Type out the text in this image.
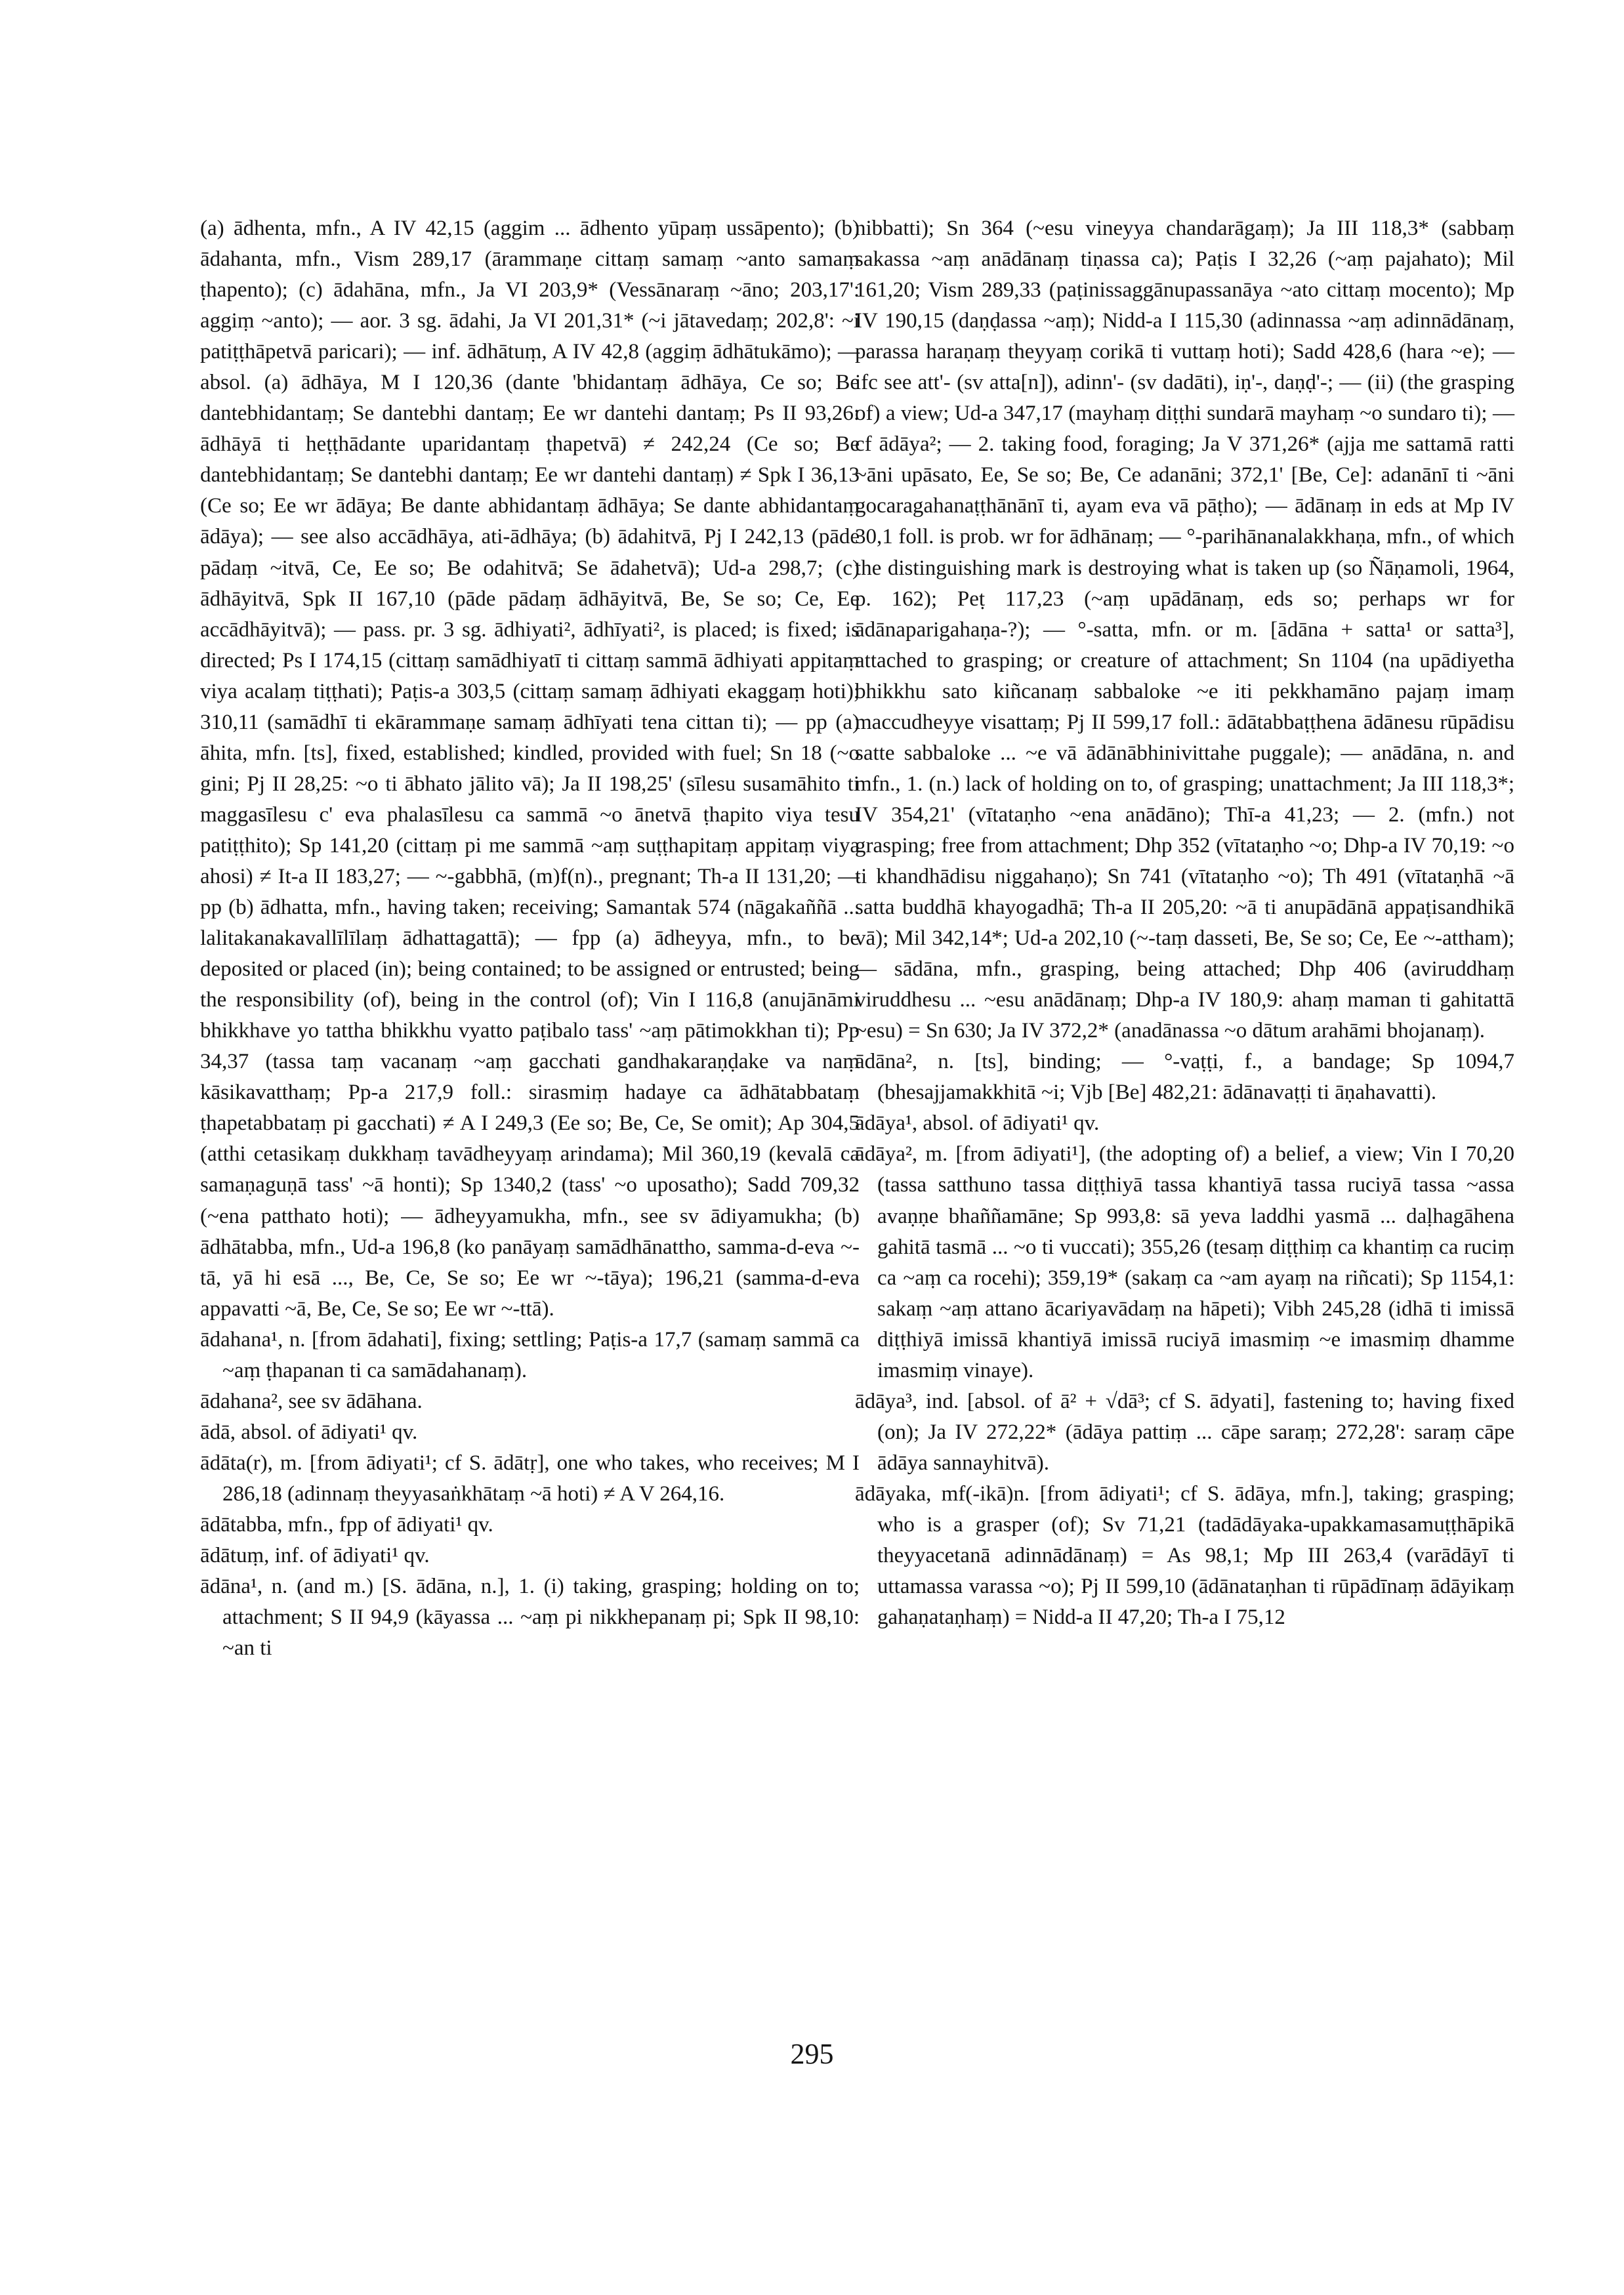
(a) ādhenta, mfn., A IV 42,15 (aggim ... ādhento yūpaṃ ussāpento); (b) ādahanta, mfn., Vism 289,17 (ārammaṇe cittaṃ samaṃ ~anto samaṃ ṭhapento); (c) ādahāna, mfn., Ja VI 203,9* (Vessānaraṃ ~āno; 203,17': aggiṃ ~anto); — aor. 3 sg. ādahi, Ja VI 201,31* (~i jātavedaṃ; 202,8': ~i patiṭṭhāpetvā paricari); — inf. ādhātuṃ, A IV 42,8 (aggiṃ ādhātukāmo); — absol. (a) ādhāya, M I 120,36 (dante 'bhidantaṃ ādhāya, Ce so; Be dantebhidantaṃ; Se dantebhi dantaṃ; Ee wr dantehi dantaṃ; Ps II 93,26: ādhāyā ti heṭṭhādante uparidantaṃ ṭhapetvā) ≠ 242,24 (Ce so; Be dantebhidantaṃ; Se dantebhi dantaṃ; Ee wr dantehi dantaṃ) ≠ Spk I 36,13 (Ce so; Ee wr ādāya; Be dante abhidantaṃ ādhāya; Se dante abhidantaṃ ādāya); — see also accādhāya, ati-ādhāya; (b) ādahitvā, Pj I 242,13 (pāde pādaṃ ~itvā, Ce, Ee so; Be odahitvā; Se ādahetvā); Ud-a 298,7; (c) ādhāyitvā, Spk II 167,10 (pāde pādaṃ ādhāyitvā, Be, Se so; Ce, Ee accādhāyitvā); — pass. pr. 3 sg. ādhiyati², ādhīyati², is placed; is fixed; is directed; Ps I 174,15 (cittaṃ samādhiyatī ti cittaṃ sammā ādhiyati appitaṃ viya acalaṃ tiṭṭhati); Paṭis-a 303,5 (cittaṃ samaṃ ādhiyati ekaggaṃ hoti); 310,11 (samādhī ti ekārammaṇe samaṃ ādhīyati tena cittan ti); — pp (a) āhita, mfn. [ts], fixed, established; kindled, provided with fuel; Sn 18 (~o gini; Pj II 28,25: ~o ti ābhato jālito vā); Ja II 198,25' (sīlesu susamāhito ti maggasīlesu c' eva phalasīlesu ca sammā ~o ānetvā ṭhapito viya tesu patiṭṭhito); Sp 141,20 (cittaṃ pi me sammā ~aṃ suṭṭhapitaṃ appitaṃ viya ahosi) ≠ It-a II 183,27; — ~-gabbhā, (m)f(n)., pregnant; Th-a II 131,20; — pp (b) ādhatta, mfn., having taken; receiving; Samantak 574 (nāgakaññā ... lalitakanakavallīlīlaṃ ādhattagattā); — fpp (a) ādheyya, mfn., to be deposited or placed (in); being contained; to be assigned or entrusted; being the responsibility (of), being in the control (of); Vin I 116,8 (anujānāmi bhikkhave yo tattha bhikkhu vyatto paṭibalo tass' ~aṃ pātimokkhan ti); Pp 34,37 (tassa taṃ vacanaṃ ~aṃ gacchati gandhakaraṇḍake va naṃ kāsikavatthaṃ; Pp-a 217,9 foll.: sirasmiṃ hadaye ca ādhātabbataṃ ṭhapetabbataṃ pi gacchati) ≠ A I 249,3 (Ee so; Be, Ce, Se omit); Ap 304,5 (atthi cetasikaṃ dukkhaṃ tavādheyyaṃ arindama); Mil 360,19 (kevalā ca samaṇaguṇā tass' ~ā honti); Sp 1340,2 (tass' ~o uposatho); Sadd 709,32 (~ena patthato hoti); — ādheyyamukha, mfn., see sv ādiyamukha; (b) ādhātabba, mfn., Ud-a 196,8 (ko panāyaṃ samādhānattho, samma-d-eva ~-tā, yā hi esā ..., Be, Ce, Se so; Ee wr ~-tāya); 196,21 (samma-d-eva appavatti ~ā, Be, Ce, Se so; Ee wr ~-ttā).

ādahana¹, n. [from ādahati], fixing; settling; Paṭis-a 17,7 (samaṃ sammā ca ~aṃ ṭhapanan ti ca samādahanaṃ).

ādahana², see sv ādāhana.

ādā, absol. of ādiyati¹ qv.

ādāta(r), m. [from ādiyati¹; cf S. ādātṛ], one who takes, who receives; M I 286,18 (adinnaṃ theyyasaṅkhātaṃ ~ā hoti) ≠ A V 264,16.

ādātabba, mfn., fpp of ādiyati¹ qv.

ādātuṃ, inf. of ādiyati¹ qv.

ādāna¹, n. (and m.) [S. ādāna, n.], 1. (i) taking, grasping; holding on to; attachment; S II 94,9 (kāyassa ... ~aṃ pi nikkhepanaṃ pi; Spk II 98,10: ~an ti

nibbatti); Sn 364 (~esu vineyya chandarāgaṃ); Ja III 118,3* (sabbaṃ sakassa ~aṃ anādānaṃ tiṇassa ca); Paṭis I 32,26 (~aṃ pajahato); Mil 161,20; Vism 289,33 (paṭinissaggānupassanāya ~ato cittaṃ mocento); Mp IV 190,15 (daṇḍassa ~aṃ); Nidd-a I 115,30 (adinnassa ~aṃ adinnādānaṃ, parassa haraṇaṃ theyyaṃ corikā ti vuttaṃ hoti); Sadd 428,6 (hara ~e); — ifc see att'- (sv atta[n]), adinn'- (sv dadāti), iṇ'-, daṇḍ'-; — (ii) (the grasping of) a view; Ud-a 347,17 (mayhaṃ diṭṭhi sundarā mayhaṃ ~o sundaro ti); — cf ādāya²; — 2. taking food, foraging; Ja V 371,26* (ajja me sattamā ratti ~āni upāsato, Ee, Se so; Be, Ce adanāni; 372,1' [Be, Ce]: adanānī ti ~āni gocaragahanaṭṭhānānī ti, ayam eva vā pāṭho); — ādānaṃ in eds at Mp IV 30,1 foll. is prob. wr for ādhānaṃ; — °-parihānanalakkhaṇa, mfn., of which the distinguishing mark is destroying what is taken up (so Ñāṇamoli, 1964, p. 162); Peṭ 117,23 (~aṃ upādānaṃ, eds so; perhaps wr for ādānaparigahaṇa-?); — °-satta, mfn. or m. [ādāna + satta¹ or satta³], attached to grasping; or creature of attachment; Sn 1104 (na upādiyetha bhikkhu sato kiñcanaṃ sabbaloke ~e iti pekkhamāno pajaṃ imaṃ maccudheyye visattaṃ; Pj II 599,17 foll.: ādātabbaṭṭhena ādānesu rūpādisu satte sabbaloke ... ~e vā ādānābhinivittahe puggale); — anādāna, n. and mfn., 1. (n.) lack of holding on to, of grasping; unattachment; Ja III 118,3*; IV 354,21' (vītataṇho ~ena anādāno); Thī-a 41,23; — 2. (mfn.) not grasping; free from attachment; Dhp 352 (vītataṇho ~o; Dhp-a IV 70,19: ~o ti khandhādisu niggahaṇo); Sn 741 (vītataṇho ~o); Th 491 (vītataṇhā ~ā satta buddhā khayogadhā; Th-a II 205,20: ~ā ti anupādānā appaṭisandhikā vā); Mil 342,14*; Ud-a 202,10 (~-taṃ dasseti, Be, Se so; Ce, Ee ~-attham); — sādāna, mfn., grasping, being attached; Dhp 406 (aviruddhaṃ viruddhesu ... ~esu anādānaṃ; Dhp-a IV 180,9: ahaṃ maman ti gahitattā ~esu) = Sn 630; Ja IV 372,2* (anadānassa ~o dātum arahāmi bhojanaṃ).

ādāna², n. [ts], binding; — °-vaṭṭi, f., a bandage; Sp 1094,7 (bhesajjamakkhitā ~i; Vjb [Be] 482,21: ādānavaṭṭi ti āṇahavatti).

ādāya¹, absol. of ādiyati¹ qv.

ādāya², m. [from ādiyati¹], (the adopting of) a belief, a view; Vin I 70,20 (tassa satthuno tassa diṭṭhiyā tassa khantiyā tassa ruciyā tassa ~assa avaṇṇe bhaññamāne; Sp 993,8: sā yeva laddhi yasmā ... daḷhagāhena gahitā tasmā ... ~o ti vuccati); 355,26 (tesaṃ diṭṭhiṃ ca khantiṃ ca ruciṃ ca ~aṃ ca rocehi); 359,19* (sakaṃ ca ~am ayaṃ na riñcati); Sp 1154,1: sakaṃ ~aṃ attano ācariyavādaṃ na hāpeti); Vibh 245,28 (idhā ti imissā diṭṭhiyā imissā khantiyā imissā ruciyā imasmiṃ ~e imasmiṃ dhamme imasmiṃ vinaye).

ādāya³, ind. [absol. of ā² + √dā³; cf S. ādyati], fastening to; having fixed (on); Ja IV 272,22* (ādāya pattiṃ ... cāpe saraṃ; 272,28': saraṃ cāpe ādāya sannayhitvā).

ādāyaka, mf(-ikā)n. [from ādiyati¹; cf S. ādāya, mfn.], taking; grasping; who is a grasper (of); Sv 71,21 (tadādāyaka-upakkamasamuṭṭhāpikā theyyacetanā adinnādānaṃ) = As 98,1; Mp III 263,4 (varādāyī ti uttamassa varassa ~o); Pj II 599,10 (ādānataṇhan ti rūpādīnaṃ ādāyikaṃ gahaṇataṇhaṃ) = Nidd-a II 47,20; Th-a I 75,12

295
